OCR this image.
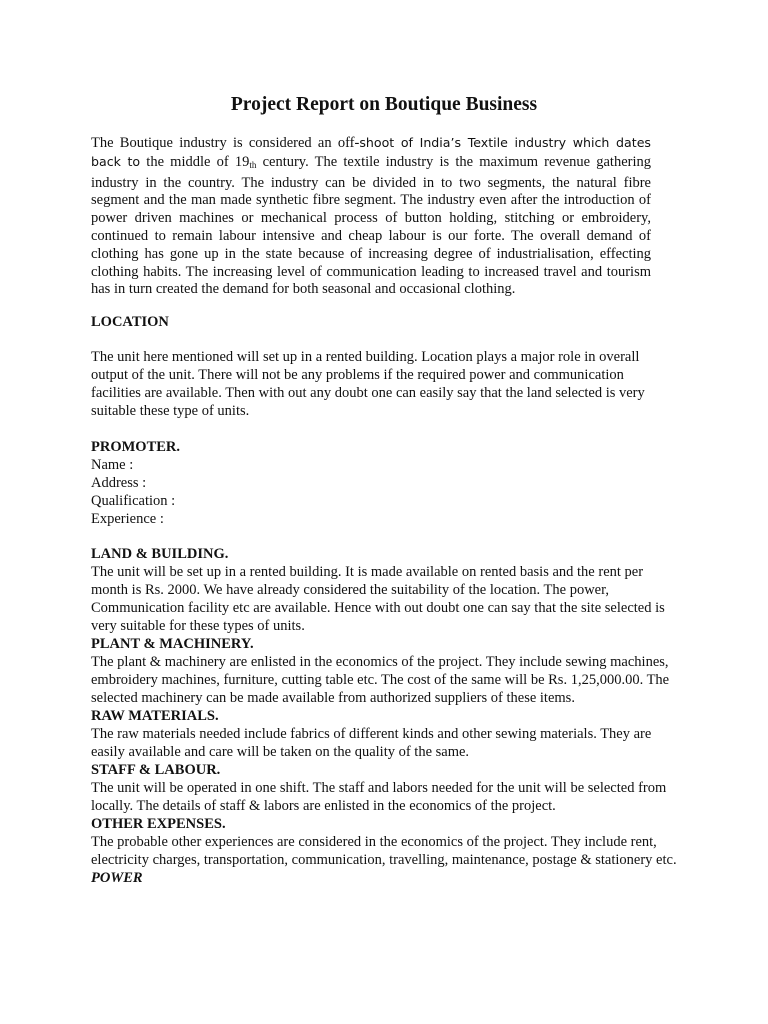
Project Report on Boutique Business

The Boutique industry is considered an off-shoot of India’s Textile industry which dates back to the middle of $19_{th}$ century. The textile industry is the maximum revenue gathering industry in the country. The industry can be divided in to two segments, the natural fibre segment and the man made synthetic fibre segment. The industry even after the introduction of power driven machines or mechanical process of button holding, stitching or embroidery, continued to remain labour intensive and cheap labour is our forte. The overall demand of clothing has gone up in the state because of increasing degree of industrialisation, effecting clothing habits. The increasing level of communication leading to increased travel and tourism has in turn created the demand for both seasonal and occasional clothing.

LOCATION

The unit here mentioned will set up in a rented building. Location plays a major role in overall output of the unit. There will not be any problems if the required power and communication facilities are available. Then with out any doubt one can easily say that the land selected is very suitable these type of units.

PROMOTER.
Name :
Address :
Qualification :
Experience :
LAND & BUILDING.
The unit will be set up in a rented building. It is made available on rented basis and the rent per month is Rs. 2000. We have already considered the suitability of the location. The power, Communication facility etc are available. Hence with out doubt one can say that the site selected is very suitable for these types of units.
PLANT & MACHINERY.
The plant & machinery are enlisted in the economics of the project. They include sewing machines, embroidery machines, furniture, cutting table etc. The cost of the same will be Rs. 1,25,000.00. The selected machinery can be made available from authorized suppliers of these items.
RAW MATERIALS.
The raw materials needed include fabrics of different kinds and other sewing materials. They are easily available and care will be taken on the quality of the same.
STAFF & LABOUR.
The unit will be operated in one shift. The staff and labors needed for the unit will be selected from locally. The details of staff & labors are enlisted in the economics of the project.
OTHER EXPENSES.
The probable other experiences are considered in the economics of the project. They include rent, electricity charges, transportation, communication, travelling, maintenance, postage & stationery etc.
POWER
